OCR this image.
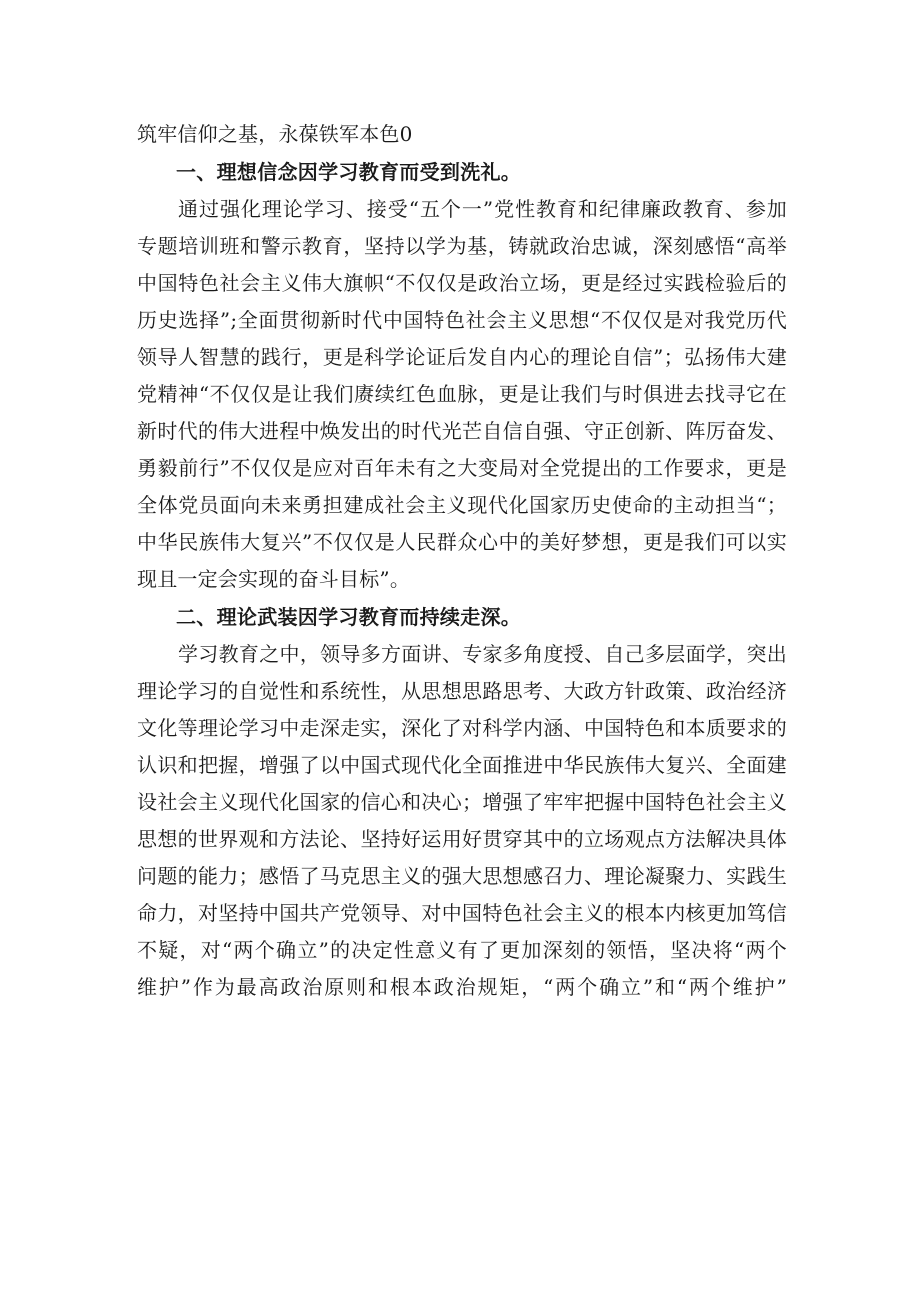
筑牢信仰之基，永葆铁军本色0
一、理想信念因学习教育而受到洗礼。
通过强化理论学习、接受“五个一”党性教育和纪律廉政教育、参加
专题培训班和警示教育，坚持以学为基，铸就政治忠诚，深刻感悟“高举
中国特色社会主义伟大旗帜“不仅仅是政治立场，更是经过实践检验后的
历史选择”;全面贯彻新时代中国特色社会主义思想“不仅仅是对我党历代
领导人智慧的践行，更是科学论证后发自内心的理论自信”；弘扬伟大建
党精神“不仅仅是让我们赓续红色血脉，更是让我们与时俱进去找寻它在
新时代的伟大进程中焕发出的时代光芒自信自强、守正创新、阵厉奋发、
勇毅前行”不仅仅是应对百年未有之大变局对全党提出的工作要求，更是
全体党员面向未来勇担建成社会主义现代化国家历史使命的主动担当“；
中华民族伟大复兴”不仅仅是人民群众心中的美好梦想，更是我们可以实
现且一定会实现的奋斗目标”。
二、理论武装因学习教育而持续走深。
学习教育之中，领导多方面讲、专家多角度授、自己多层面学，突出
理论学习的自觉性和系统性，从思想思路思考、大政方针政策、政治经济
文化等理论学习中走深走实，深化了对科学内涵、中国特色和本质要求的
认识和把握，增强了以中国式现代化全面推进中华民族伟大复兴、全面建
设社会主义现代化国家的信心和决心；增强了牢牢把握中国特色社会主义
思想的世界观和方法论、坚持好运用好贯穿其中的立场观点方法解决具体
问题的能力；感悟了马克思主义的强大思想感召力、理论凝聚力、实践生
命力，对坚持中国共产党领导、对中国特色社会主义的根本内核更加笃信
不疑，对“两个确立”的决定性意义有了更加深刻的领悟，坚决将“两个
维护”作为最高政治原则和根本政治规矩，“两个确立”和“两个维护”
